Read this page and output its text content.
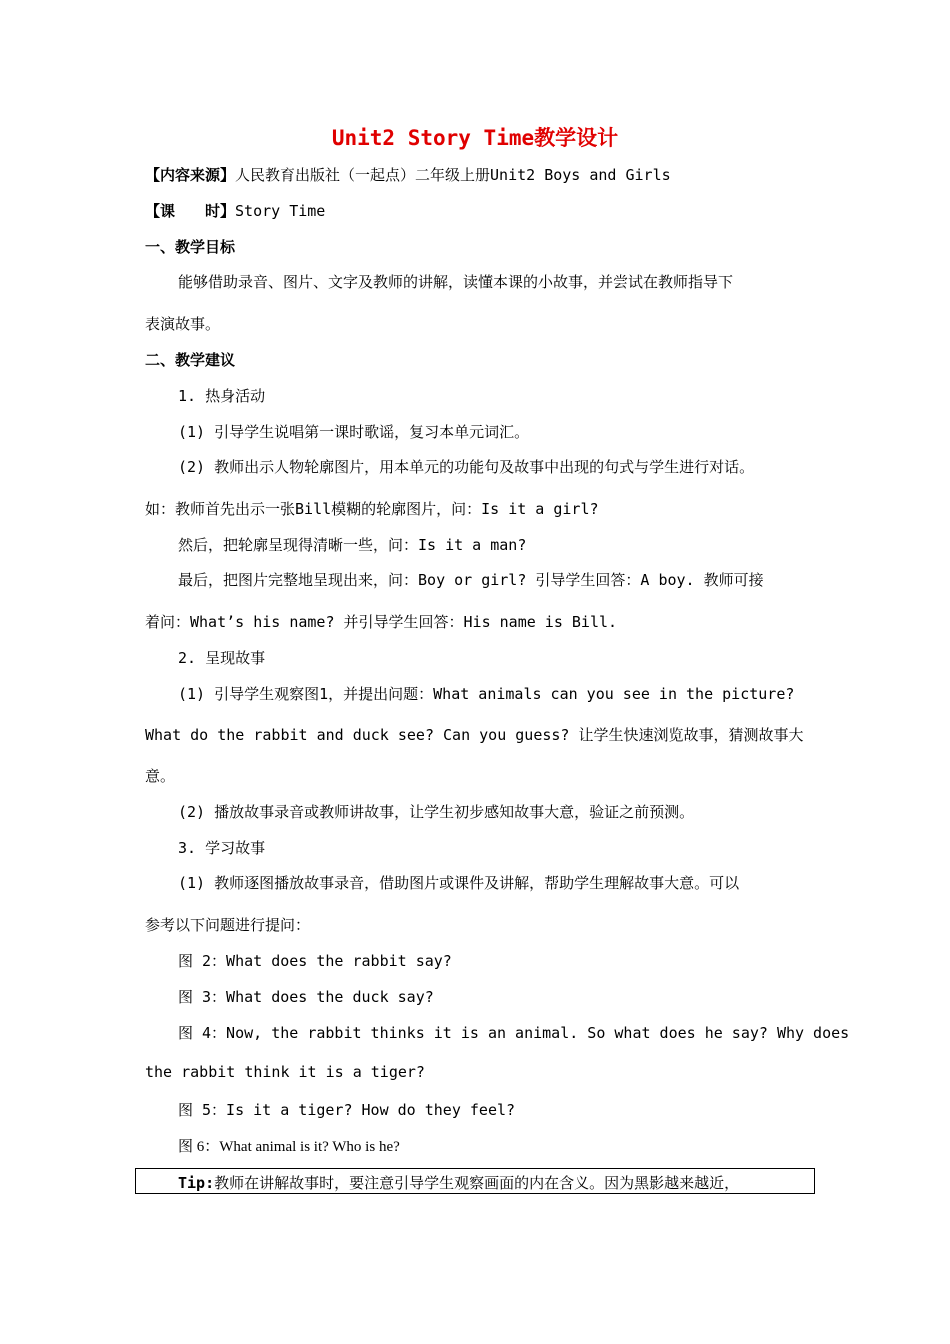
Unit2 Story Time教学设计
【内容来源】人民教育出版社（一起点）二年级上册Unit2 Boys and Girls
【课　　时】Story Time
一、教学目标
能够借助录音、图片、文字及教师的讲解，读懂本课的小故事，并尝试在教师指导下
表演故事。
二、教学建议
1. 热身活动
(1) 引导学生说唱第一课时歌谣，复习本单元词汇。
(2) 教师出示人物轮廓图片，用本单元的功能句及故事中出现的句式与学生进行对话。
如：教师首先出示一张Bill模糊的轮廓图片，问：Is it a girl?
然后，把轮廓呈现得清晰一些，问：Is it a man?
最后，把图片完整地呈现出来，问：Boy or girl? 引导学生回答：A boy. 教师可接
着问：What’s his name? 并引导学生回答：His name is Bill.
2. 呈现故事
(1) 引导学生观察图1，并提出问题：What animals can you see in the picture?
What do the rabbit and duck see? Can you guess? 让学生快速浏览故事，猜测故事大
意。
(2) 播放故事录音或教师讲故事，让学生初步感知故事大意，验证之前预测。
3. 学习故事
(1) 教师逐图播放故事录音，借助图片或课件及讲解，帮助学生理解故事大意。可以
参考以下问题进行提问：
图 2：What does the rabbit say?
图 3：What does the duck say?
图 4：Now, the rabbit thinks it is an animal. So what does he say? Why does
the rabbit think it is a tiger?
图 5：Is it a tiger? How do they feel?
图 6：What animal is it? Who is he?
Tip:教师在讲解故事时，要注意引导学生观察画面的内在含义。因为黑影越来越近，
